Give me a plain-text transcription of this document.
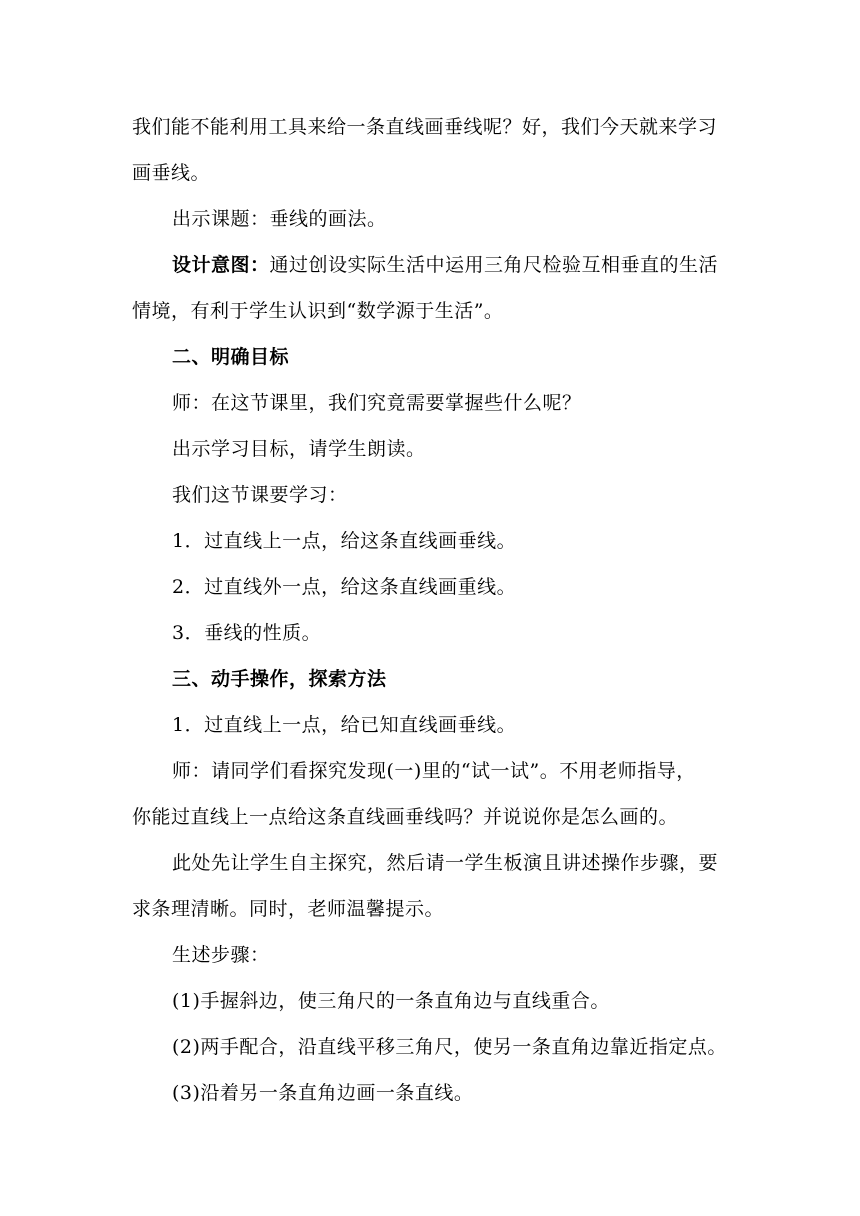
我们能不能利用工具来给一条直线画垂线呢？好，我们今天就来学习

画垂线。

出示课题：垂线的画法。

设计意图：通过创设实际生活中运用三角尺检验互相垂直的生活

情境，有利于学生认识到“数学源于生活”。

二、明确目标

师：在这节课里，我们究竟需要掌握些什么呢？

出示学习目标，请学生朗读。

我们这节课要学习：

1．过直线上一点，给这条直线画垂线。

2．过直线外一点，给这条直线画重线。

3．垂线的性质。

三、动手操作，探索方法

1．过直线上一点，给已知直线画垂线。

师：请同学们看探究发现(一)里的“试一试”。不用老师指导，

你能过直线上一点给这条直线画垂线吗？并说说你是怎么画的。

此处先让学生自主探究，然后请一学生板演且讲述操作步骤，要

求条理清晰。同时，老师温馨提示。

生述步骤：

(1)手握斜边，使三角尺的一条直角边与直线重合。

(2)两手配合，沿直线平移三角尺，使另一条直角边靠近指定点。

(3)沿着另一条直角边画一条直线。
